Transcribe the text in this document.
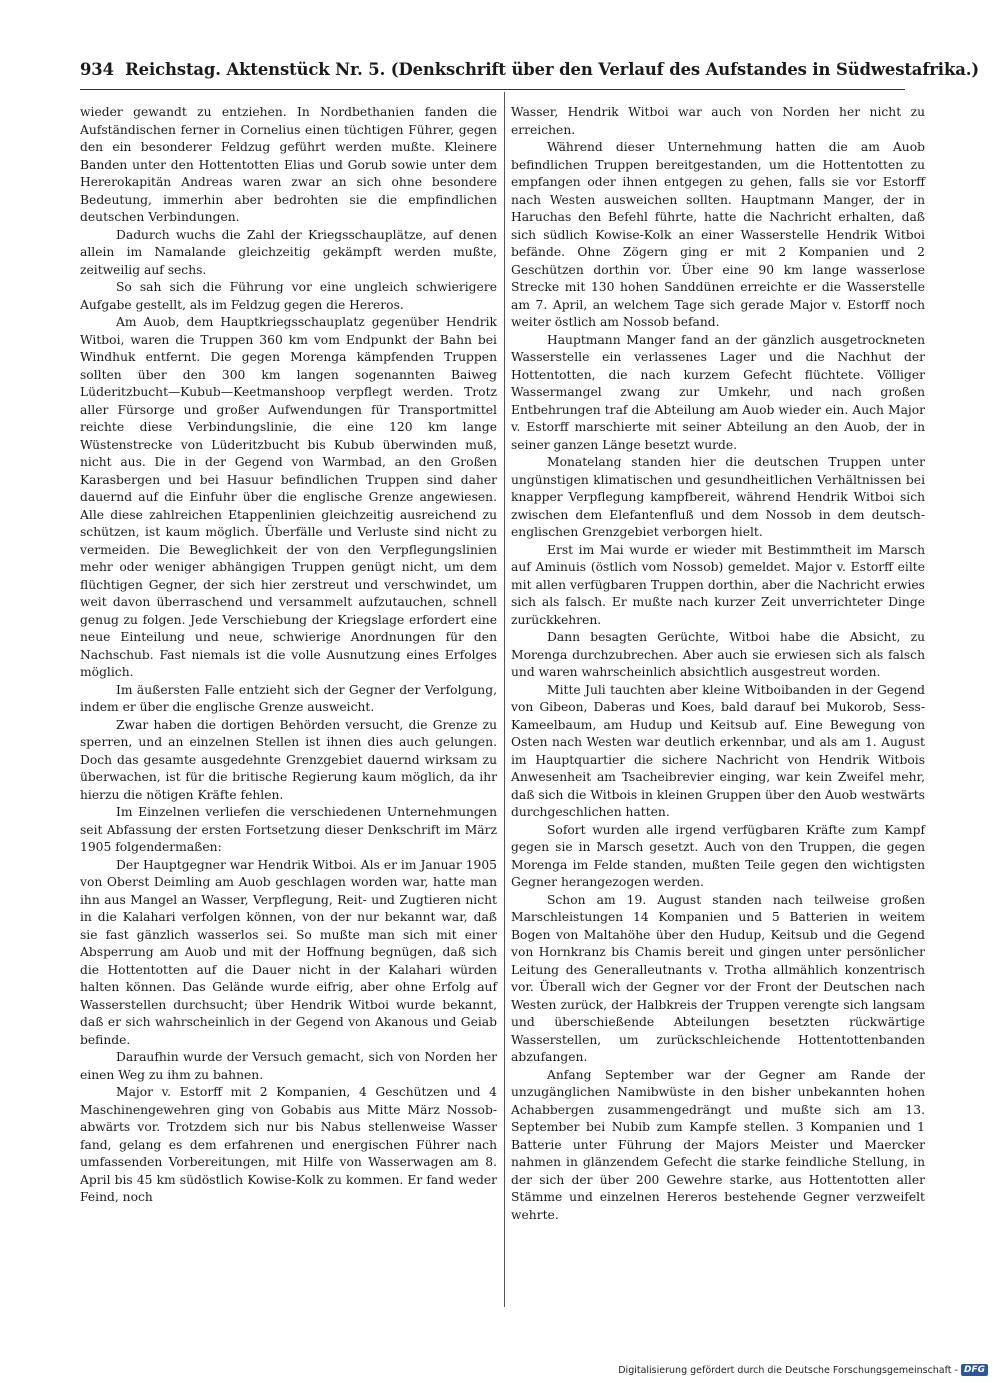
934 Reichstag. Aktenstück Nr. 5. (Denkschrift über den Verlauf des Aufstandes in Südwestafrika.)

wieder gewandt zu entziehen. In Nordbethanien fanden die Aufständischen ferner in Cornelius einen tüchtigen Führer, gegen den ein besonderer Feldzug geführt werden mußte. Kleinere Banden unter den Hottentotten Elias und Gorub sowie unter dem Hererokapitän Andreas waren zwar an sich ohne besondere Bedeutung, immerhin aber bedrohten sie die empfindlichen deutschen Verbindungen.

Dadurch wuchs die Zahl der Kriegsschauplätze, auf denen allein im Namalande gleichzeitig gekämpft werden mußte, zeitweilig auf sechs.

So sah sich die Führung vor eine ungleich schwierigere Aufgabe gestellt, als im Feldzug gegen die Hereros.

Am Auob, dem Hauptkriegsschauplatz gegenüber Hendrik Witboi, waren die Truppen 360 km vom Endpunkt der Bahn bei Windhuk entfernt. Die gegen Morenga kämpfenden Truppen sollten über den 300 km langen sogenannten Baiweg Lüderitzbucht—Kubub—Keetmanshoop verpflegt werden. Trotz aller Fürsorge und großer Aufwendungen für Transportmittel reichte diese Verbindungslinie, die eine 120 km lange Wüstenstrecke von Lüderitzbucht bis Kubub überwinden muß, nicht aus. Die in der Gegend von Warmbad, an den Großen Karasbergen und bei Hasuur befindlichen Truppen sind daher dauernd auf die Einfuhr über die englische Grenze angewiesen. Alle diese zahlreichen Etappenlinien gleichzeitig ausreichend zu schützen, ist kaum möglich. Überfälle und Verluste sind nicht zu vermeiden. Die Beweglichkeit der von den Verpflegungslinien mehr oder weniger abhängigen Truppen genügt nicht, um dem flüchtigen Gegner, der sich hier zerstreut und verschwindet, um weit davon überraschend und versammelt aufzutauchen, schnell genug zu folgen. Jede Verschiebung der Kriegslage erfordert eine neue Einteilung und neue, schwierige Anordnungen für den Nachschub. Fast niemals ist die volle Ausnutzung eines Erfolges möglich.

Im äußersten Falle entzieht sich der Gegner der Verfolgung, indem er über die englische Grenze ausweicht.

Zwar haben die dortigen Behörden versucht, die Grenze zu sperren, und an einzelnen Stellen ist ihnen dies auch gelungen. Doch das gesamte ausgedehnte Grenzgebiet dauernd wirksam zu überwachen, ist für die britische Regierung kaum möglich, da ihr hierzu die nötigen Kräfte fehlen.

Im Einzelnen verliefen die verschiedenen Unternehmungen seit Abfassung der ersten Fortsetzung dieser Denkschrift im März 1905 folgendermaßen:

Der Hauptgegner war Hendrik Witboi. Als er im Januar 1905 von Oberst Deimling am Auob geschlagen worden war, hatte man ihn aus Mangel an Wasser, Verpflegung, Reit- und Zugtieren nicht in die Kalahari verfolgen können, von der nur bekannt war, daß sie fast gänzlich wasserlos sei. So mußte man sich mit einer Absperrung am Auob und mit der Hoffnung begnügen, daß sich die Hottentotten auf die Dauer nicht in der Kalahari würden halten können. Das Gelände wurde eifrig, aber ohne Erfolg auf Wasserstellen durchsucht; über Hendrik Witboi wurde bekannt, daß er sich wahrscheinlich in der Gegend von Akanous und Geiab befinde.

Daraufhin wurde der Versuch gemacht, sich von Norden her einen Weg zu ihm zu bahnen.

Major v. Estorff mit 2 Kompanien, 4 Geschützen und 4 Maschinengewehren ging von Gobabis aus Mitte März Nossob-abwärts vor. Trotzdem sich nur bis Nabus stellenweise Wasser fand, gelang es dem erfahrenen und energischen Führer nach umfassenden Vorbereitungen, mit Hilfe von Wasserwagen am 8. April bis 45 km südöstlich Kowise-Kolk zu kommen. Er fand weder Feind, noch

Wasser, Hendrik Witboi war auch von Norden her nicht zu erreichen.

Während dieser Unternehmung hatten die am Auob befindlichen Truppen bereitgestanden, um die Hottentotten zu empfangen oder ihnen entgegen zu gehen, falls sie vor Estorff nach Westen ausweichen sollten. Hauptmann Manger, der in Haruchas den Befehl führte, hatte die Nachricht erhalten, daß sich südlich Kowise-Kolk an einer Wasserstelle Hendrik Witboi befände. Ohne Zögern ging er mit 2 Kompanien und 2 Geschützen dorthin vor. Über eine 90 km lange wasserlose Strecke mit 130 hohen Sanddünen erreichte er die Wasserstelle am 7. April, an welchem Tage sich gerade Major v. Estorff noch weiter östlich am Nossob befand.

Hauptmann Manger fand an der gänzlich ausgetrockneten Wasserstelle ein verlassenes Lager und die Nachhut der Hottentotten, die nach kurzem Gefecht flüchtete. Völliger Wassermangel zwang zur Umkehr, und nach großen Entbehrungen traf die Abteilung am Auob wieder ein. Auch Major v. Estorff marschierte mit seiner Abteilung an den Auob, der in seiner ganzen Länge besetzt wurde.

Monatelang standen hier die deutschen Truppen unter ungünstigen klimatischen und gesundheitlichen Verhältnissen bei knapper Verpflegung kampfbereit, während Hendrik Witboi sich zwischen dem Elefantenfluß und dem Nossob in dem deutsch-englischen Grenzgebiet verborgen hielt.

Erst im Mai wurde er wieder mit Bestimmtheit im Marsch auf Aminuis (östlich vom Nossob) gemeldet. Major v. Estorff eilte mit allen verfügbaren Truppen dorthin, aber die Nachricht erwies sich als falsch. Er mußte nach kurzer Zeit unverrichteter Dinge zurückkehren.

Dann besagten Gerüchte, Witboi habe die Absicht, zu Morenga durchzubrechen. Aber auch sie erwiesen sich als falsch und waren wahrscheinlich absichtlich ausgestreut worden.

Mitte Juli tauchten aber kleine Witboibanden in der Gegend von Gibeon, Daberas und Koes, bald darauf bei Mukorob, Sess-Kameelbaum, am Hudup und Keitsub auf. Eine Bewegung von Osten nach Westen war deutlich erkennbar, und als am 1. August im Hauptquartier die sichere Nachricht von Hendrik Witbois Anwesenheit am Tsacheibrevier einging, war kein Zweifel mehr, daß sich die Witbois in kleinen Gruppen über den Auob westwärts durchgeschlichen hatten.

Sofort wurden alle irgend verfügbaren Kräfte zum Kampf gegen sie in Marsch gesetzt. Auch von den Truppen, die gegen Morenga im Felde standen, mußten Teile gegen den wichtigsten Gegner herangezogen werden.

Schon am 19. August standen nach teilweise großen Marschleistungen 14 Kompanien und 5 Batterien in weitem Bogen von Maltahöhe über den Hudup, Keitsub und die Gegend von Hornkranz bis Chamis bereit und gingen unter persönlicher Leitung des Generalleutnants v. Trotha allmählich konzentrisch vor. Überall wich der Gegner vor der Front der Deutschen nach Westen zurück, der Halbkreis der Truppen verengte sich langsam und überschießende Abteilungen besetzten rückwärtige Wasserstellen, um zurückschleichende Hottentottenbanden abzufangen.

Anfang September war der Gegner am Rande der unzugänglichen Namibwüste in den bisher unbekannten hohen Achabbergen zusammengedrängt und mußte sich am 13. September bei Nubib zum Kampfe stellen. 3 Kompanien und 1 Batterie unter Führung der Majors Meister und Maercker nahmen in glänzendem Gefecht die starke feindliche Stellung, in der sich der über 200 Gewehre starke, aus Hottentotten aller Stämme und einzelnen Hereros bestehende Gegner verzweifelt wehrte.

Digitalisierung gefördert durch die Deutsche Forschungsgemeinschaft - DFG
